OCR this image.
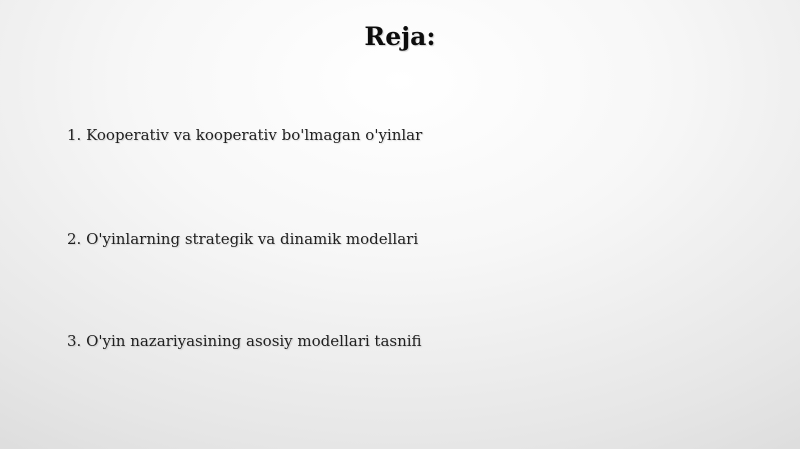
Reja:
1. Kooperativ va kooperativ bo'lmagan o'yinlar
2. O'yinlarning strategik va dinamik modellari
3. O'yin nazariyasining asosiy modellari tasnifi
